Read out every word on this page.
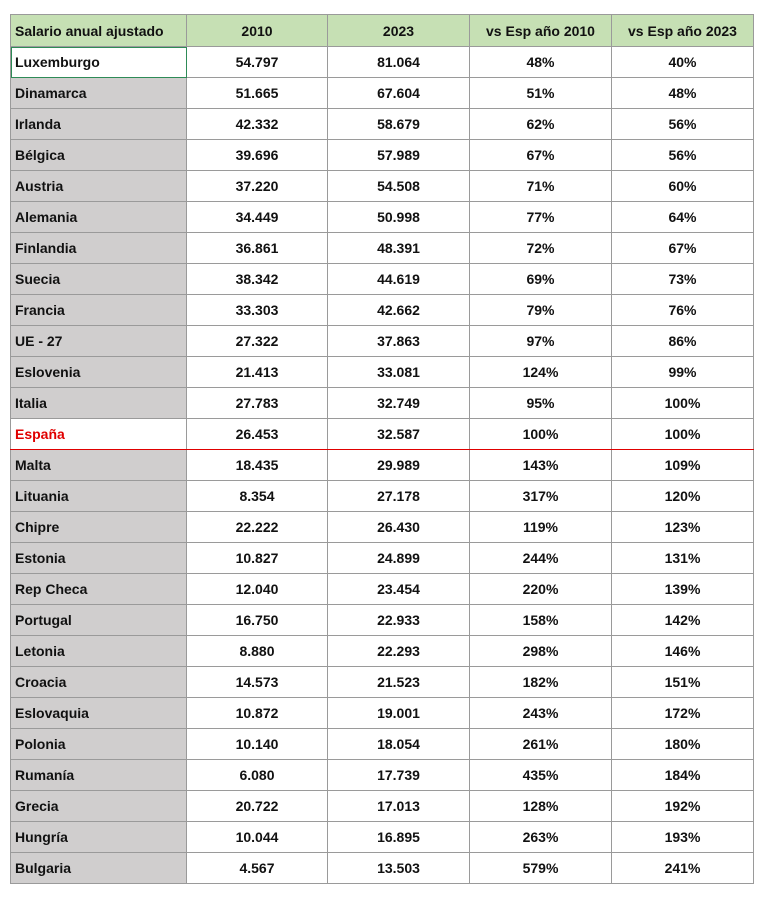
Salario anual ajustado	2010	2023	vs Esp año 2010	vs Esp año 2023
Luxemburgo	54.797	81.064	48%	40%
Dinamarca	51.665	67.604	51%	48%
Irlanda	42.332	58.679	62%	56%
Bélgica	39.696	57.989	67%	56%
Austria	37.220	54.508	71%	60%
Alemania	34.449	50.998	77%	64%
Finlandia	36.861	48.391	72%	67%
Suecia	38.342	44.619	69%	73%
Francia	33.303	42.662	79%	76%
UE - 27	27.322	37.863	97%	86%
Eslovenia	21.413	33.081	124%	99%
Italia	27.783	32.749	95%	100%
España	26.453	32.587	100%	100%
Malta	18.435	29.989	143%	109%
Lituania	8.354	27.178	317%	120%
Chipre	22.222	26.430	119%	123%
Estonia	10.827	24.899	244%	131%
Rep Checa	12.040	23.454	220%	139%
Portugal	16.750	22.933	158%	142%
Letonia	8.880	22.293	298%	146%
Croacia	14.573	21.523	182%	151%
Eslovaquia	10.872	19.001	243%	172%
Polonia	10.140	18.054	261%	180%
Rumanía	6.080	17.739	435%	184%
Grecia	20.722	17.013	128%	192%
Hungría	10.044	16.895	263%	193%
Bulgaria	4.567	13.503	579%	241%
